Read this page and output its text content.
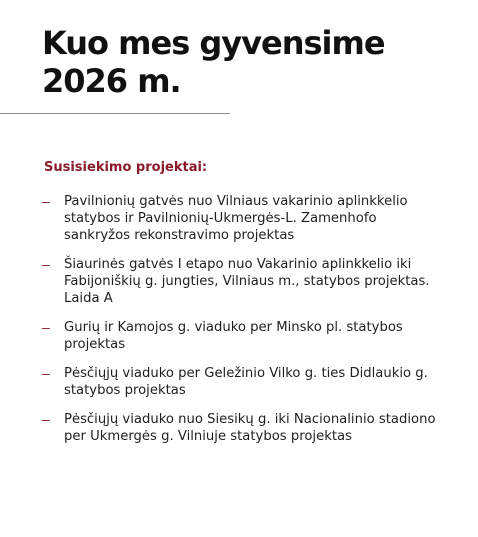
Kuo mes gyvensime
2026 m.
Susisiekimo projektai:
–	Pavilnionių gatvės nuo Vilniaus vakarinio aplinkkelio statybos ir Pavilnionių-Ukmergės-L. Zamenhofo sankryžos rekonstravimo projektas
–	Šiaurinės gatvės I etapo nuo Vakarinio aplinkkelio iki Fabijoniškių g. jungties, Vilniaus m., statybos projektas. Laida A
–	Gurių ir Kamojos g. viaduko per Minsko pl. statybos projektas
–	Pėsčiųjų viaduko per Geležinio Vilko g. ties Didlaukio g. statybos projektas
–	Pėsčiųjų viaduko nuo Siesikų g. iki Nacionalinio stadiono per Ukmergės g. Vilniuje statybos projektas
